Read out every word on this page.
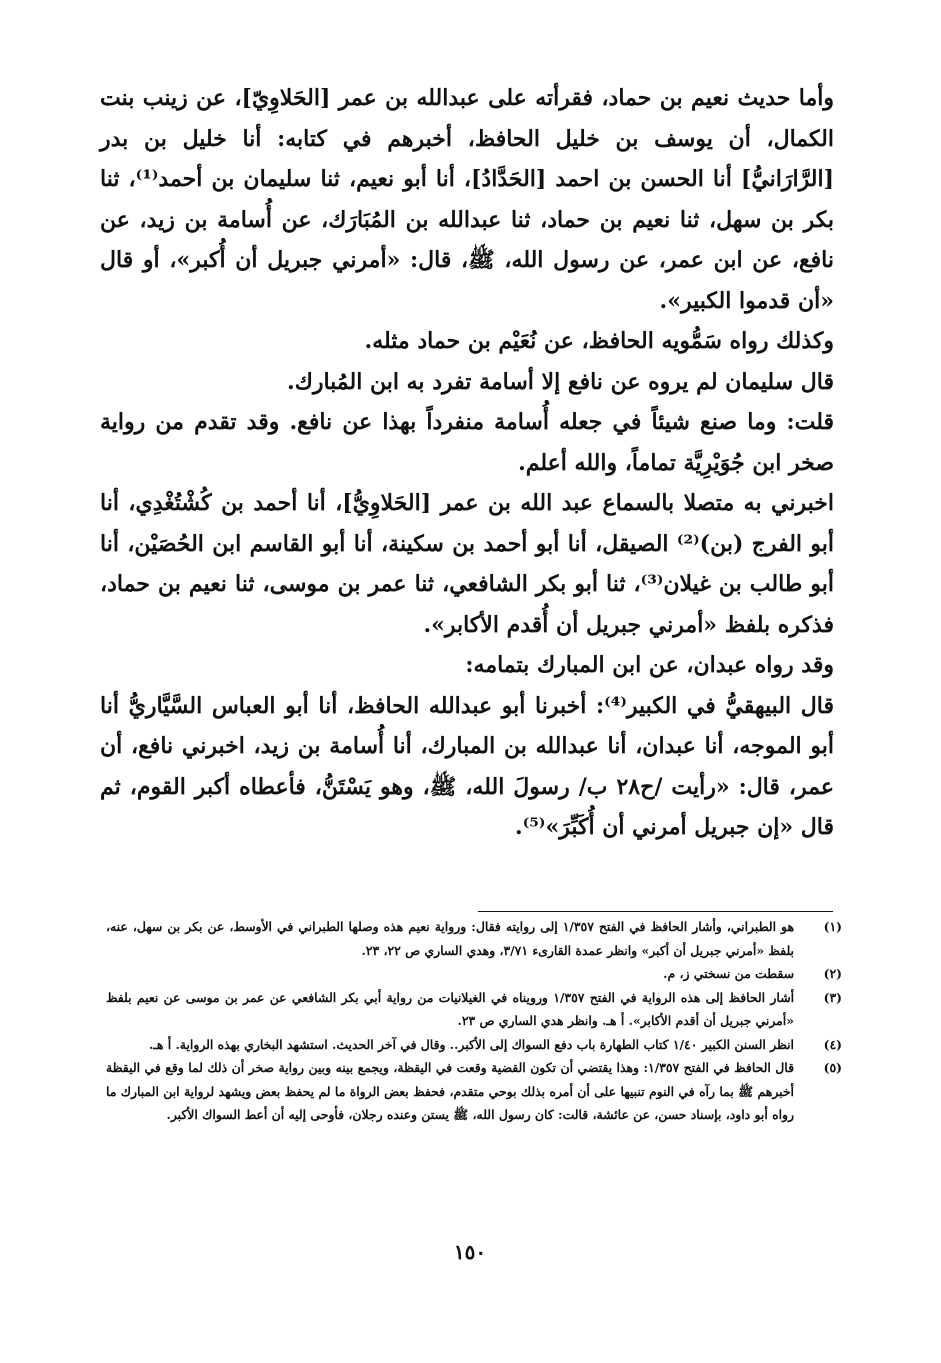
وأما حديث نعيم بن حماد، فقرأته على عبدالله بن عمر [الحَلاوِيّ]، عن زينب بنت الكمال، أن يوسف بن خليل الحافظ، أخبرهم في كتابه: أنا خليل بن بدر [الرَّارَانيُّ] أنا الحسن بن احمد [الحَدَّادُ]، أنا أبو نعيم، ثنا سليمان بن أحمد⁽¹⁾، ثنا بكر بن سهل، ثنا نعيم بن حماد، ثنا عبدالله بن المُبَارَك، عن أُسامة بن زيد، عن نافع، عن ابن عمر، عن رسول الله، ﷺ، قال: «أمرني جبريل أن أُكبر»، أو قال «أن قدموا الكبير».

وكذلك رواه سَمُّويه الحافظ، عن نُعَيْم بن حماد مثله.

قال سليمان لم يروه عن نافع إلا أسامة تفرد به ابن المُبارك.

قلت: وما صنع شيئاً في جعله أُسامة منفرداً بهذا عن نافع. وقد تقدم من رواية صخر ابن جُوَيْرِيَّة تماماً، والله أعلم.

اخبرني به متصلا بالسماع عبد الله بن عمر [الحَلاوِيُّ]، أنا أحمد بن كُشْتُغْدِي، أنا أبو الفرج (بن)⁽²⁾ الصيقل، أنا أبو أحمد بن سكينة، أنا أبو القاسم ابن الحُصَيْن، أنا أبو طالب بن غيلان⁽³⁾، ثنا أبو بكر الشافعي، ثنا عمر بن موسى، ثنا نعيم بن حماد، فذكره بلفظ «أمرني جبريل أن أُقدم الأكابر».

وقد رواه عبدان، عن ابن المبارك بتمامه:

قال البيهقيُّ في الكبير⁽⁴⁾: أخبرنا أبو عبدالله الحافظ، أنا أبو العباس السَّيَّاريُّ أنا أبو الموجه، أنا عبدان، أنا عبدالله بن المبارك، أنا أُسامة بن زيد، اخبرني نافع، أن عمر، قال: «رأيت /ح٢٨ ب/ رسولَ الله، ﷺ، وهو يَسْتَنُّ، فأعطاه أكبر القوم، ثم قال «إن جبريل أمرني أن أُكَبِّرَ»⁽⁵⁾.

(١)
هو الطبراني، وأشار الحافظ في الفتح ١/٣٥٧ إلى روايته فقال: ورواية نعيم هذه وصلها الطبراني في الأوسط، عن بكر بن سهل، عنه، بلفظ «أمرني جبريل أن أكبر» وانظر عمدة القارىء ٣/٧١، وهدي الساري ص ٢٢، ٢٣.
(٢)
سقطت من نسختي ز، م.
(٣)
أشار الحافظ إلى هذه الرواية في الفتح ١/٣٥٧ ورويناه في الغيلانيات من رواية أبي بكر الشافعي عن عمر بن موسى عن نعيم بلفظ «أمرني جبريل أن أقدم الأكابر». أ هـ. وانظر هدي الساري ص ٢٣.
(٤)
انظر السنن الكبير ١/٤٠ كتاب الطهارة باب دفع السواك إلى الأكبر.. وقال في آخر الحديث. استشهد البخاري بهذه الرواية. أ هـ.
(٥)
قال الحافظ في الفتح ١/٣٥٧: وهذا يقتضي أن تكون القضية وقعت في اليقظة، ويجمع بينه وبين رواية صخر أن ذلك لما وقع في اليقظة أخبرهم ﷺ بما رآه في النوم تنبيها على أن أمره بذلك بوحي متقدم، فحفظ بعض الرواة ما لم يحفظ بعض ويشهد لرواية ابن المبارك ما رواه أبو داود، بإسناد حسن، عن عائشة، قالت: كان رسول الله، ﷺ يستن وعنده رجلان، فأوحى إليه أن أعط السواك الأكبر.
١٥٠
